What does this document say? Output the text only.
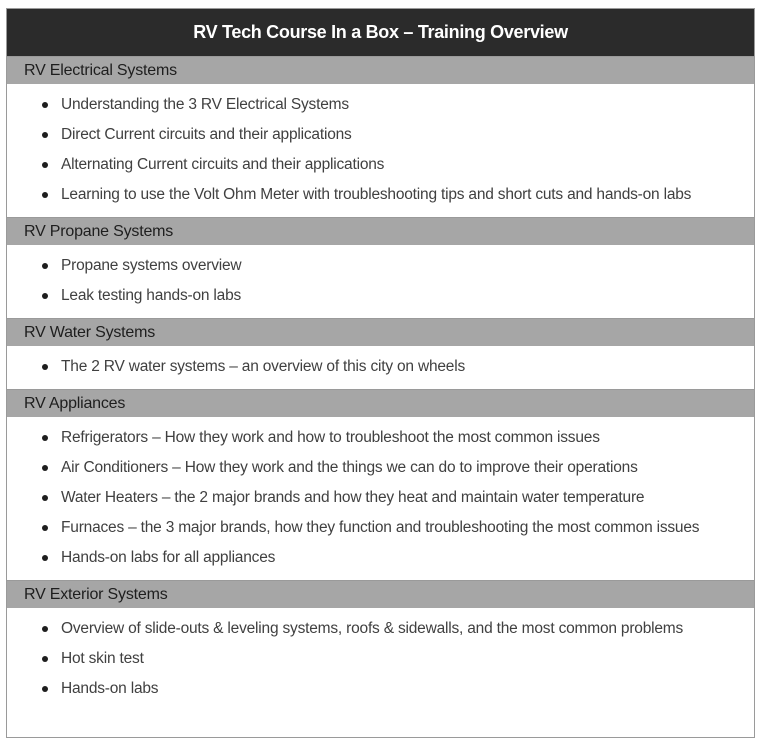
RV Tech Course In a Box – Training Overview
RV Electrical Systems
Understanding the 3 RV Electrical Systems
Direct Current circuits and their applications
Alternating Current circuits and their applications
Learning to use the Volt Ohm Meter with troubleshooting tips and short cuts and hands-on labs
RV Propane Systems
Propane systems overview
Leak testing hands-on labs
RV Water Systems
The 2 RV water systems – an overview of this city on wheels
RV Appliances
Refrigerators – How they work and how to troubleshoot the most common issues
Air Conditioners – How they work and the things we can do to improve their operations
Water Heaters – the 2 major brands and how they heat and maintain water temperature
Furnaces – the 3 major brands, how they function and troubleshooting the most common issues
Hands-on labs for all appliances
RV Exterior Systems
Overview of slide-outs & leveling systems, roofs & sidewalls, and the most common problems
Hot skin test
Hands-on labs
